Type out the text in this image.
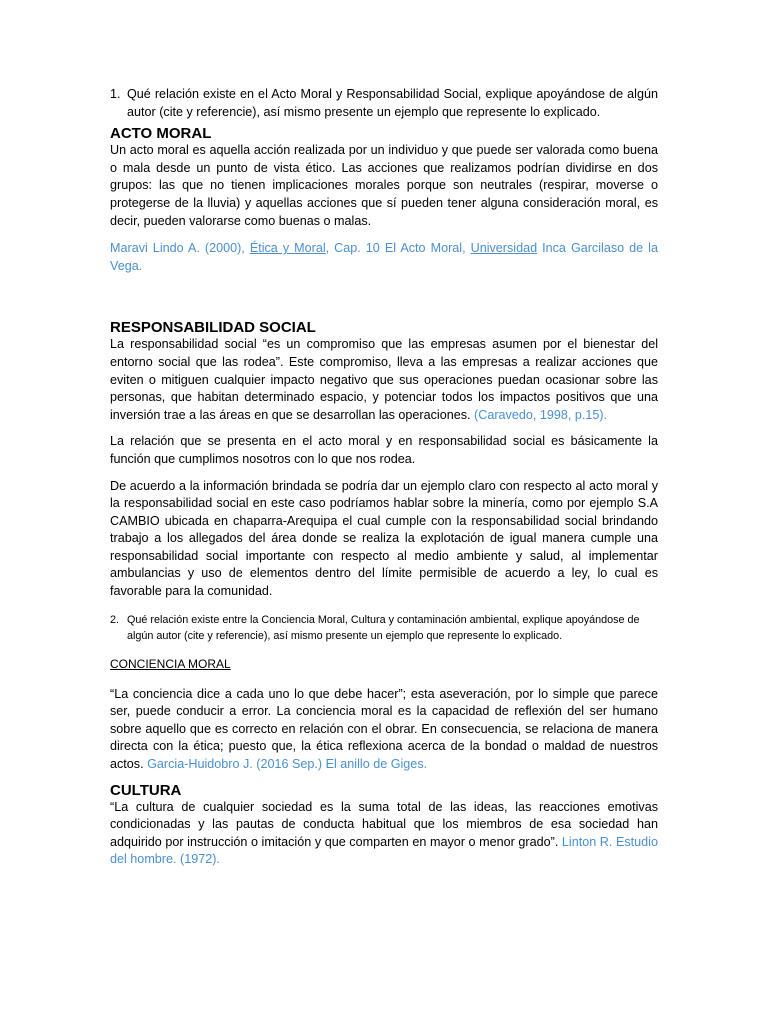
1. Qué relación existe en el Acto Moral y Responsabilidad Social, explique apoyándose de algún autor (cite y referencie), así mismo presente un ejemplo que represente lo explicado.
ACTO MORAL

Un acto moral es aquella acción realizada por un individuo y que puede ser valorada como buena o mala desde un punto de vista ético. Las acciones que realizamos podrían dividirse en dos grupos: las que no tienen implicaciones morales porque son neutrales (respirar, moverse o protegerse de la lluvia) y aquellas acciones que sí pueden tener alguna consideración moral, es decir, pueden valorarse como buenas o malas.

Maravi Lindo A. (2000), Ética y Moral, Cap. 10 El Acto Moral, Universidad Inca Garcilaso de la Vega.

RESPONSABILIDAD SOCIAL

La responsabilidad social “es un compromiso que las empresas asumen por el bienestar del entorno social que las rodea”. Este compromiso, lleva a las empresas a realizar acciones que eviten o mitiguen cualquier impacto negativo que sus operaciones puedan ocasionar sobre las personas, que habitan determinado espacio, y potenciar todos los impactos positivos que una inversión trae a las áreas en que se desarrollan las operaciones. (Caravedo, 1998, p.15).

La relación que se presenta en el acto moral y en responsabilidad social es básicamente la función que cumplimos nosotros con lo que nos rodea.

De acuerdo a la información brindada se podría dar un ejemplo claro con respecto al acto moral y la responsabilidad social en este caso podríamos hablar sobre la minería, como por ejemplo S.A CAMBIO ubicada en chaparra-Arequipa el cual cumple con la responsabilidad social brindando trabajo a los allegados del área donde se realiza la explotación de igual manera cumple una responsabilidad social importante con respecto al medio ambiente y salud, al implementar ambulancias y uso de elementos dentro del límite permisible de acuerdo a ley, lo cual es favorable para la comunidad.

2. Qué relación existe entre la Conciencia Moral, Cultura y contaminación ambiental, explique apoyándose de algún autor (cite y referencie), así mismo presente un ejemplo que represente lo explicado.

CONCIENCIA MORAL

“La conciencia dice a cada uno lo que debe hacer”; esta aseveración, por lo simple que parece ser, puede conducir a error. La conciencia moral es la capacidad de reflexión del ser humano sobre aquello que es correcto en relación con el obrar. En consecuencia, se relaciona de manera directa con la ética; puesto que, la ética reflexiona acerca de la bondad o maldad de nuestros actos. Garcia-Huidobro J. (2016 Sep.) El anillo de Giges.

CULTURA

“La cultura de cualquier sociedad es la suma total de las ideas, las reacciones emotivas condicionadas y las pautas de conducta habitual que los miembros de esa sociedad han adquirido por instrucción o imitación y que comparten en mayor o menor grado”. Linton R. Estudio del hombre. (1972).
